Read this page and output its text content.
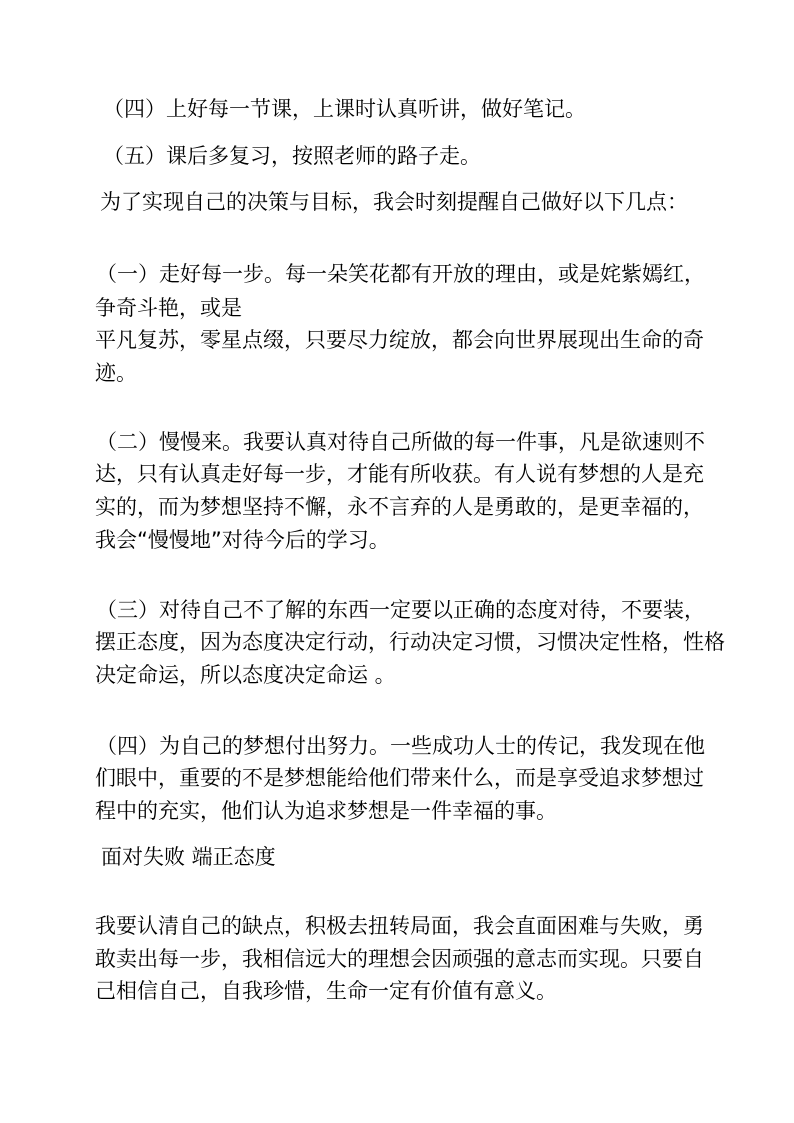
（四）上好每一节课，上课时认真听讲，做好笔记。
（五）课后多复习，按照老师的路子走。
为了实现自己的决策与目标，我会时刻提醒自己做好以下几点：
（一）走好每一步。每一朵笑花都有开放的理由，或是姹紫嫣红，
争奇斗艳，或是
平凡复苏，零星点缀，只要尽力绽放，都会向世界展现出生命的奇
迹。
（二）慢慢来。我要认真对待自己所做的每一件事，凡是欲速则不
达，只有认真走好每一步，才能有所收获。有人说有梦想的人是充
实的，而为梦想坚持不懈，永不言弃的人是勇敢的，是更幸福的，
我会“慢慢地”对待今后的学习。
（三）对待自己不了解的东西一定要以正确的态度对待，不要装，
摆正态度，因为态度决定行动，行动决定习惯，习惯决定性格，性格
决定命运，所以态度决定命运 。
（四）为自己的梦想付出努力。一些成功人士的传记，我发现在他
们眼中，重要的不是梦想能给他们带来什么，而是享受追求梦想过
程中的充实，他们认为追求梦想是一件幸福的事。
面对失败 端正态度
我要认清自己的缺点，积极去扭转局面，我会直面困难与失败，勇
敢卖出每一步，我相信远大的理想会因顽强的意志而实现。只要自
己相信自己，自我珍惜，生命一定有价值有意义。
